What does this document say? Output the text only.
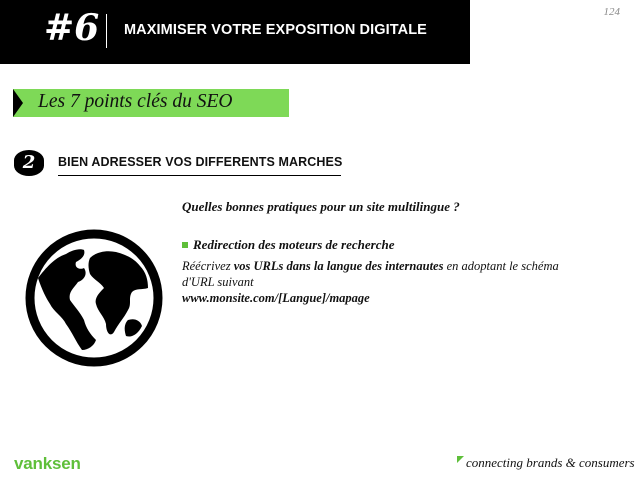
#6 MAXIMISER VOTRE EXPOSITION DIGITALE
124
Les 7 points clés du SEO
2	BIEN ADRESSER VOS DIFFERENTS MARCHES

Quelles bonnes pratiques pour un site multilingue ?

Redirection des moteurs de recherche

Réécrivez vos URLs dans la langue des internautes en adoptant le schéma d'URL suivant
www.monsite.com/[Langue]/mapage

vanksen	connecting brands & consumers
